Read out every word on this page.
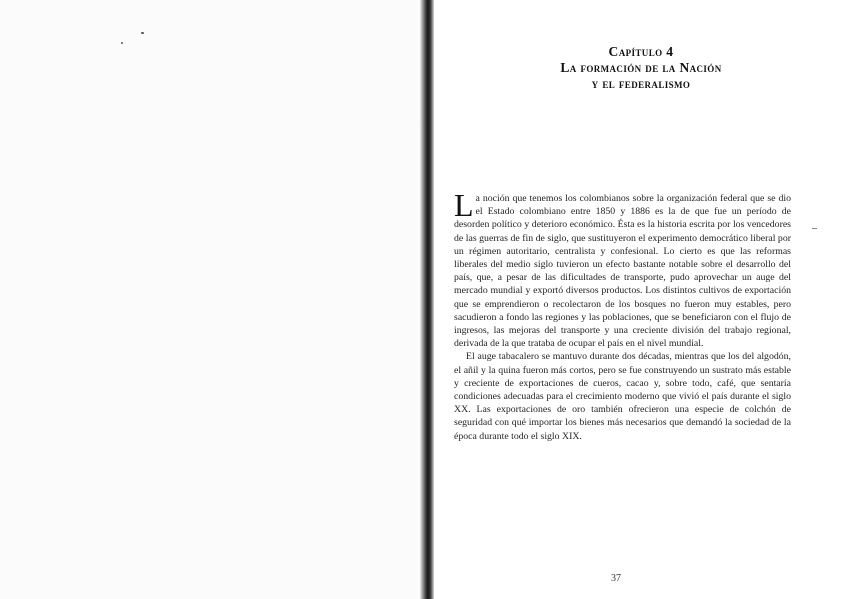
Capítulo 4
La formación de la Nación
y el federalismo

La noción que tenemos los colombianos sobre la organización federal que se dio el Estado colombiano entre 1850 y 1886 es la de que fue un período de desorden político y deterioro económico. Ésta es la historia escrita por los vencedores de las guerras de fin de siglo, que sustituyeron el experimento democrático liberal por un régimen autoritario, centralista y confesional. Lo cierto es que las reformas liberales del medio siglo tuvieron un efecto bastante notable sobre el desarrollo del país, que, a pesar de las dificultades de transporte, pudo aprovechar un auge del mercado mundial y exportó diversos productos. Los distintos cultivos de exportación que se emprendieron o recolectaron de los bosques no fueron muy estables, pero sacudieron a fondo las regiones y las poblaciones, que se beneficiaron con el flujo de ingresos, las mejoras del transporte y una creciente división del trabajo regional, derivada de la que trataba de ocupar el país en el nivel mundial.

El auge tabacalero se mantuvo durante dos décadas, mientras que los del algodón, el añil y la quina fueron más cortos, pero se fue construyendo un sustrato más estable y creciente de exportaciones de cueros, cacao y, sobre todo, café, que sentaría condiciones adecuadas para el crecimiento moderno que vivió el país durante el siglo XX. Las exportaciones de oro también ofrecieron una especie de colchón de seguridad con qué importar los bienes más necesarios que demandó la sociedad de la época durante todo el siglo XIX.

37
